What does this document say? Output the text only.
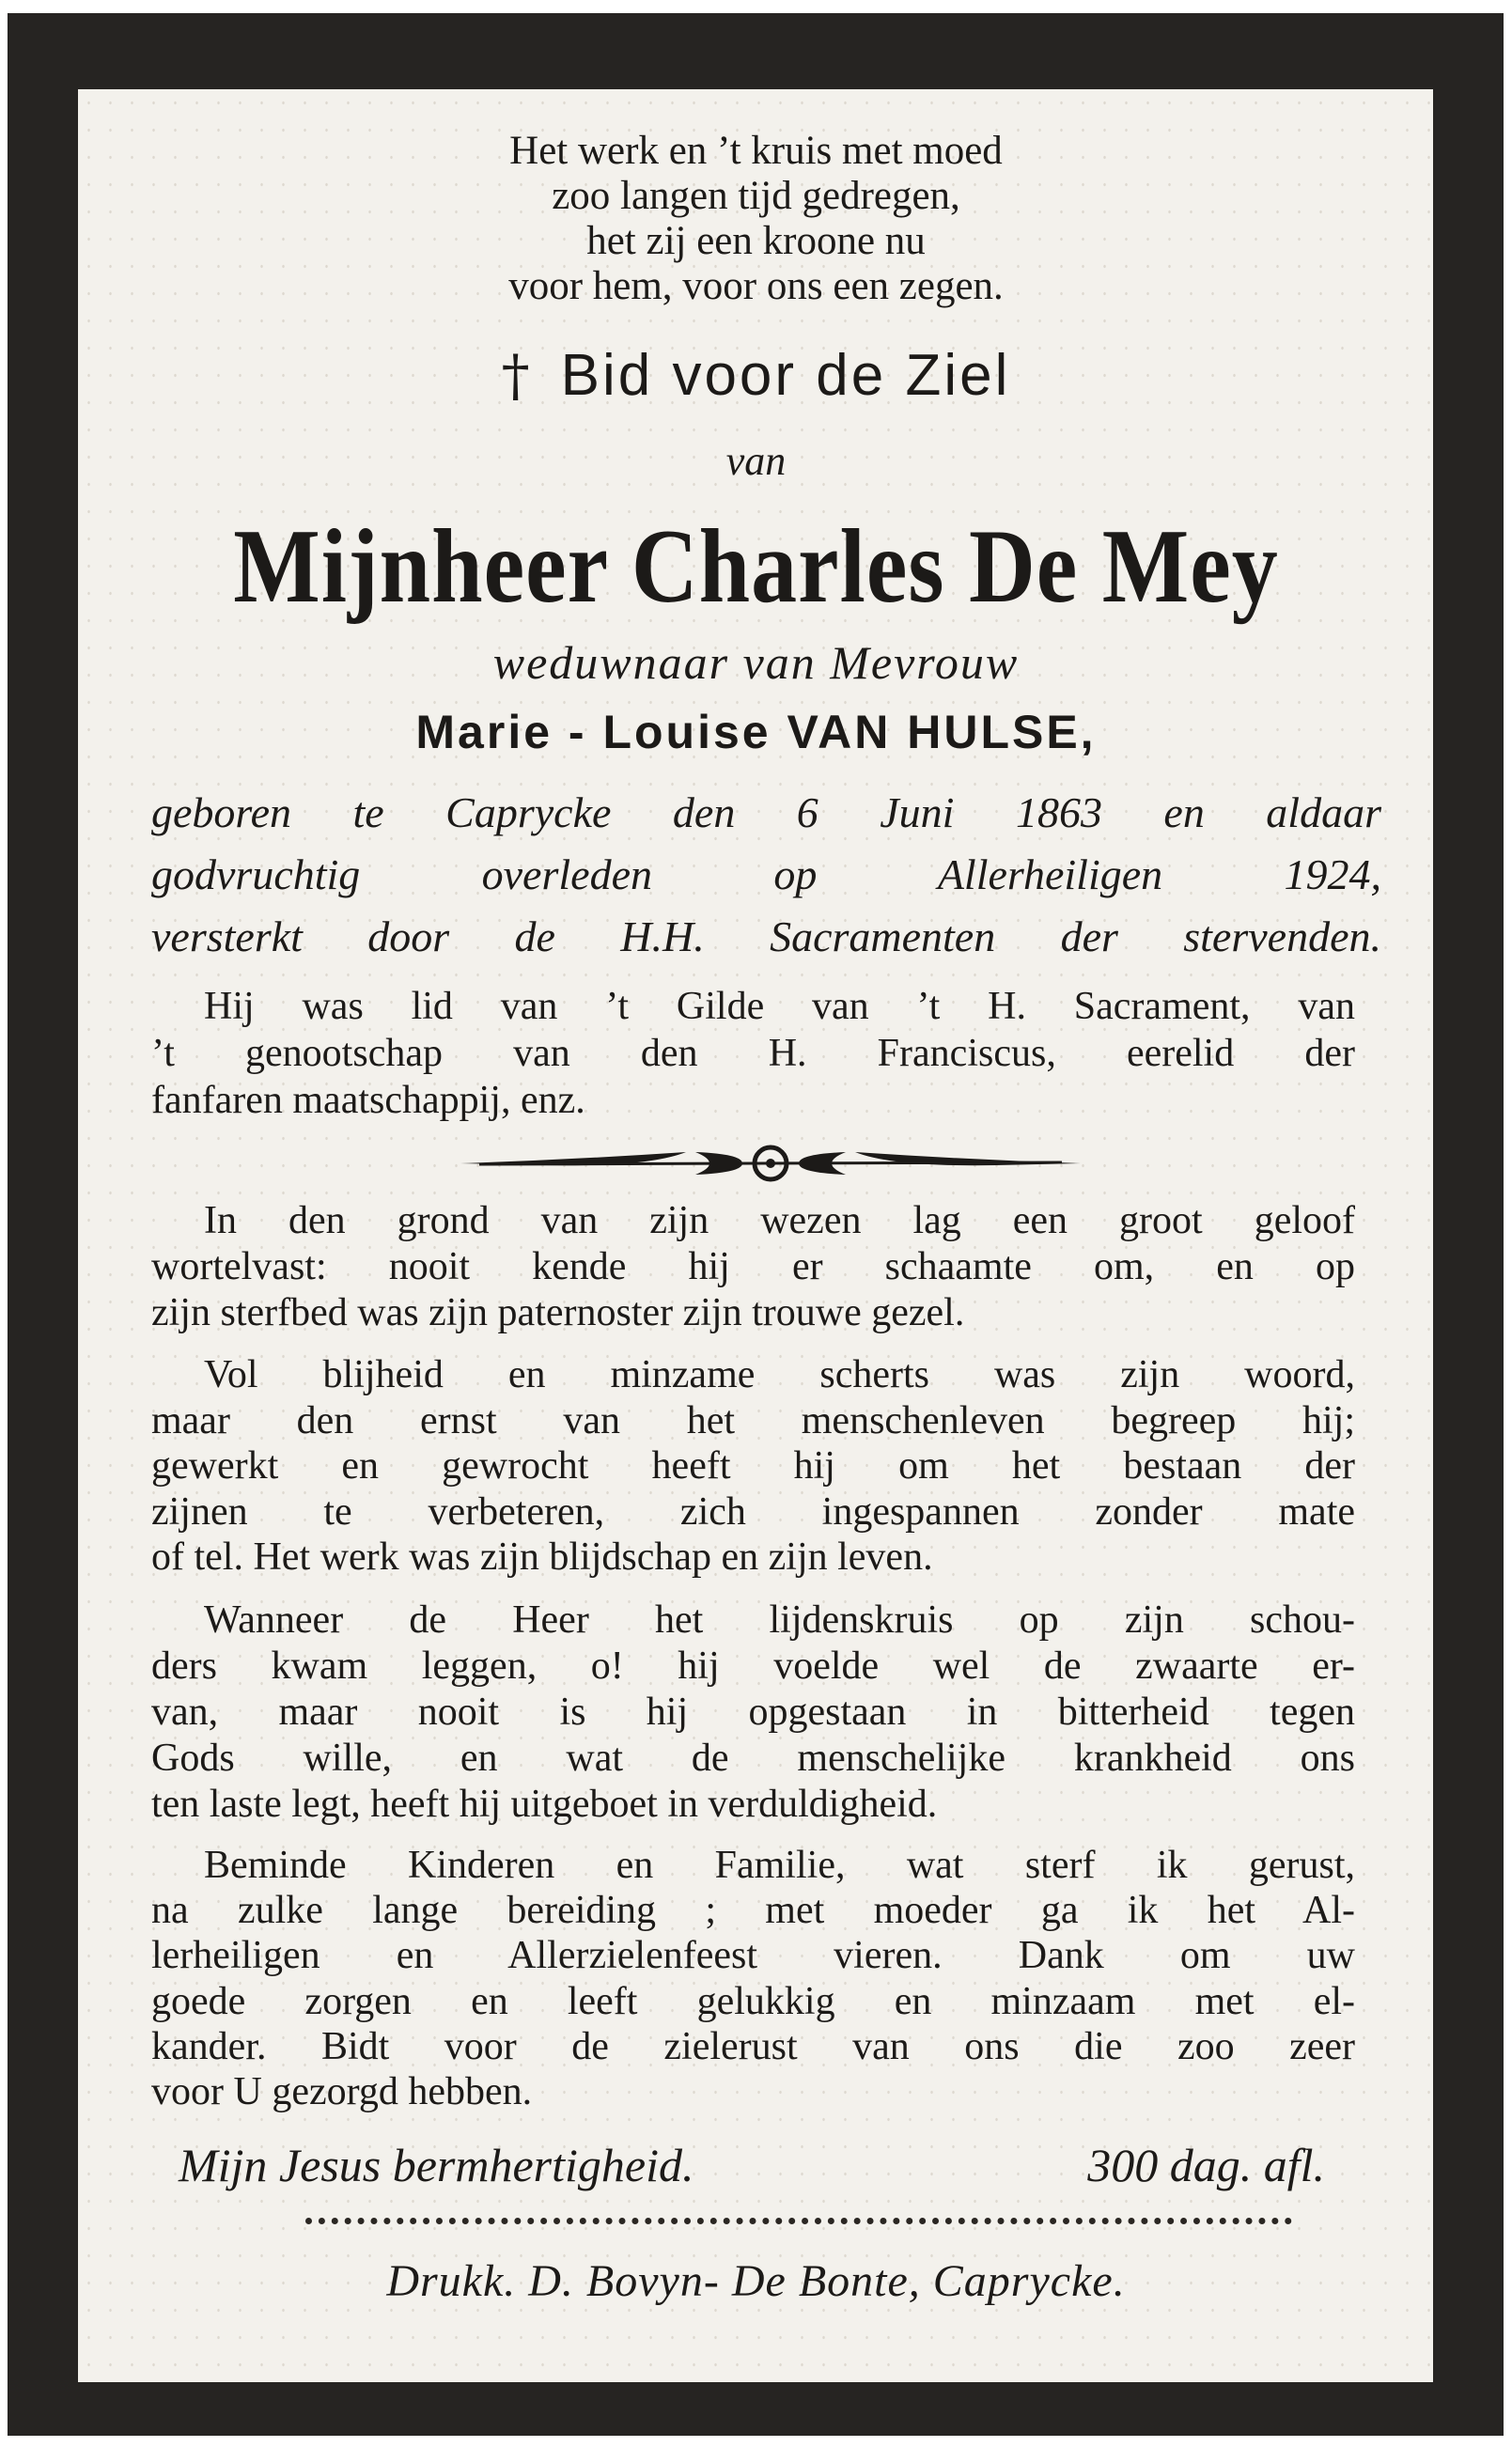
Het werk en ’t kruis met moed
zoo langen tijd gedregen,
het zij een kroone nu
voor hem, voor ons een zegen.
† Bid voor de Ziel
van
Mijnheer Charles De Mey
weduwnaar van Mevrouw
Marie - Louise VAN HULSE,
geboren te Caprycke den 6 Juni 1863 en aldaar
godvruchtig overleden op Allerheiligen 1924,
versterkt door de H.H. Sacramenten der stervenden.
Hij was lid van ’t Gilde van ’t H. Sacrament, van
’t genootschap van den H. Franciscus, eerelid der
fanfaren maatschappij, enz.
In den grond van zijn wezen lag een groot geloof
wortelvast: nooit kende hij er schaamte om, en op
zijn sterfbed was zijn paternoster zijn trouwe gezel.
Vol blijheid en minzame scherts was zijn woord,
maar den ernst van het menschenleven begreep hij;
gewerkt en gewrocht heeft hij om het bestaan der
zijnen te verbeteren, zich ingespannen zonder mate
of tel. Het werk was zijn blijdschap en zijn leven.
Wanneer de Heer het lijdenskruis op zijn schou-
ders kwam leggen, o! hij voelde wel de zwaarte er-
van, maar nooit is hij opgestaan in bitterheid tegen
Gods wille, en wat de menschelijke krankheid ons
ten laste legt, heeft hij uitgeboet in verduldigheid.
Beminde Kinderen en Familie, wat sterf ik gerust,
na zulke lange bereiding ; met moeder ga ik het Al-
lerheiligen en Allerzielenfeest vieren. Dank om uw
goede zorgen en leeft gelukkig en minzaam met el-
kander. Bidt voor de zielerust van ons die zoo zeer
voor U gezorgd hebben.
Mijn Jesus bermhertigheid.	300 dag. afl.
Drukk. D. Bovyn- De Bonte, Caprycke.
